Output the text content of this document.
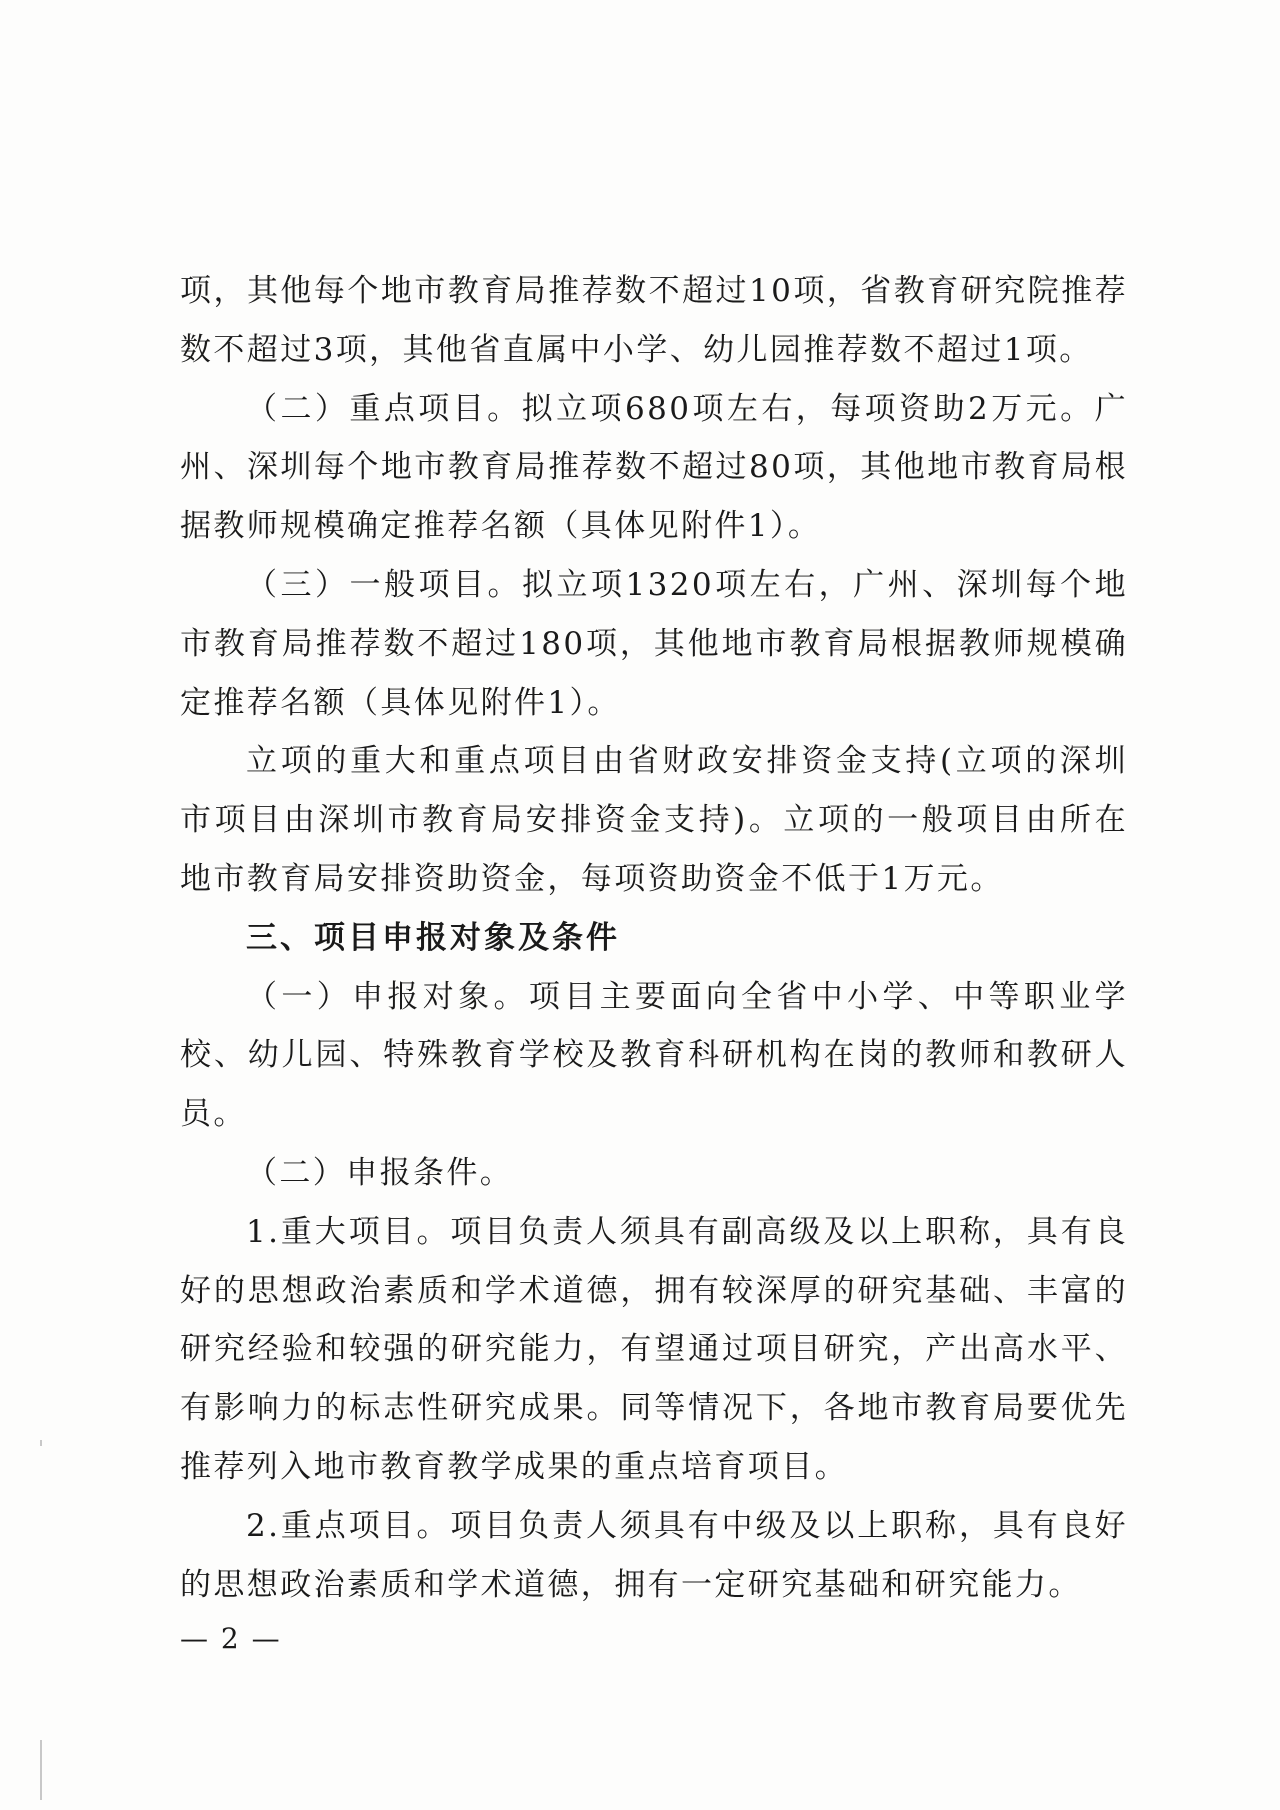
项，其他每个地市教育局推荐数不超过10项，省教育研究院推荐数不超过3项，其他省直属中小学、幼儿园推荐数不超过1项。

（二）重点项目。拟立项680项左右，每项资助2万元。广州、深圳每个地市教育局推荐数不超过80项，其他地市教育局根据教师规模确定推荐名额（具体见附件1）。

（三）一般项目。拟立项1320项左右，广州、深圳每个地市教育局推荐数不超过180项，其他地市教育局根据教师规模确定推荐名额（具体见附件1）。

立项的重大和重点项目由省财政安排资金支持(立项的深圳市项目由深圳市教育局安排资金支持)。立项的一般项目由所在地市教育局安排资助资金，每项资助资金不低于1万元。

三、项目申报对象及条件

（一）申报对象。项目主要面向全省中小学、中等职业学校、幼儿园、特殊教育学校及教育科研机构在岗的教师和教研人员。

（二）申报条件。

1.重大项目。项目负责人须具有副高级及以上职称，具有良好的思想政治素质和学术道德，拥有较深厚的研究基础、丰富的研究经验和较强的研究能力，有望通过项目研究，产出高水平、有影响力的标志性研究成果。同等情况下，各地市教育局要优先推荐列入地市教育教学成果的重点培育项目。

2.重点项目。项目负责人须具有中级及以上职称，具有良好的思想政治素质和学术道德，拥有一定研究基础和研究能力。

— 2 —
